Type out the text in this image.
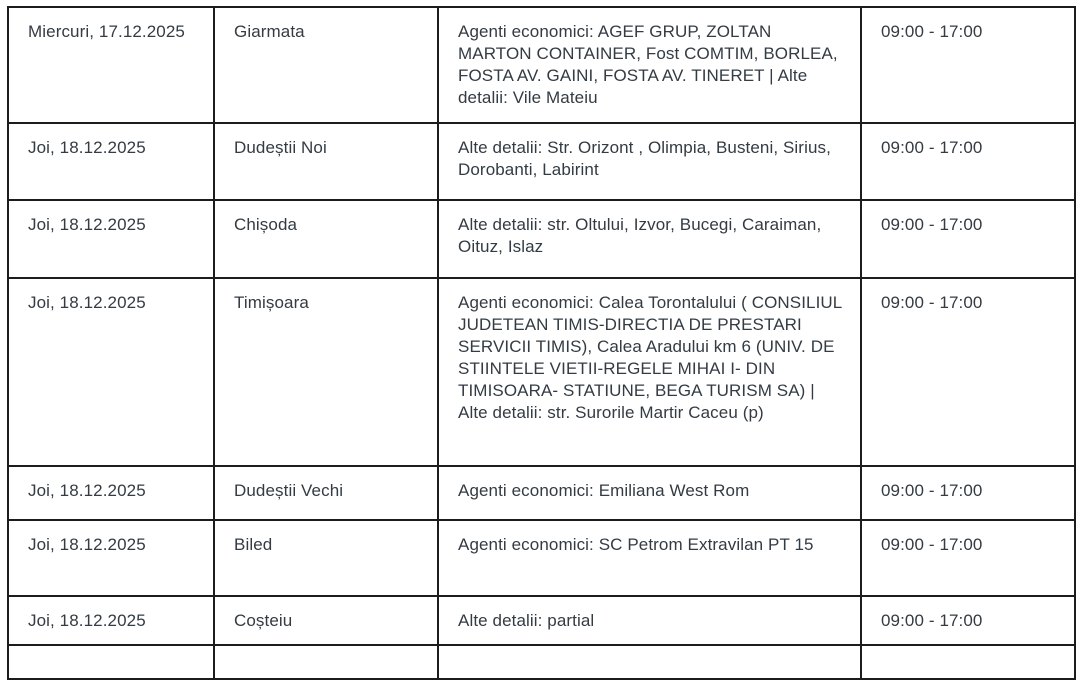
Miercuri, 17.12.2025	Giarmata	Agenti economici: AGEF GRUP, ZOLTAN MARTON CONTAINER, Fost COMTIM, BORLEA, FOSTA AV. GAINI, FOSTA AV. TINERET | Alte detalii: Vile Mateiu	09:00 - 17:00
Joi, 18.12.2025	Dudeștii Noi	Alte detalii: Str. Orizont , Olimpia, Busteni, Sirius, Dorobanti, Labirint	09:00 - 17:00
Joi, 18.12.2025	Chișoda	Alte detalii: str. Oltului, Izvor, Bucegi, Caraiman, Oituz, Islaz	09:00 - 17:00
Joi, 18.12.2025	Timișoara	Agenti economici: Calea Torontalului ( CONSILIUL JUDETEAN TIMIS-DIRECTIA DE PRESTARI SERVICII TIMIS), Calea Aradului km 6 (UNIV. DE STIINTELE VIETII-REGELE MIHAI I- DIN TIMISOARA- STATIUNE, BEGA TURISM SA) | Alte detalii: str. Surorile Martir Caceu (p)	09:00 - 17:00
Joi, 18.12.2025	Dudeștii Vechi	Agenti economici: Emiliana West Rom	09:00 - 17:00
Joi, 18.12.2025	Biled	Agenti economici: SC Petrom Extravilan PT 15	09:00 - 17:00
Joi, 18.12.2025	Coșteiu	Alte detalii: partial	09:00 - 17:00
